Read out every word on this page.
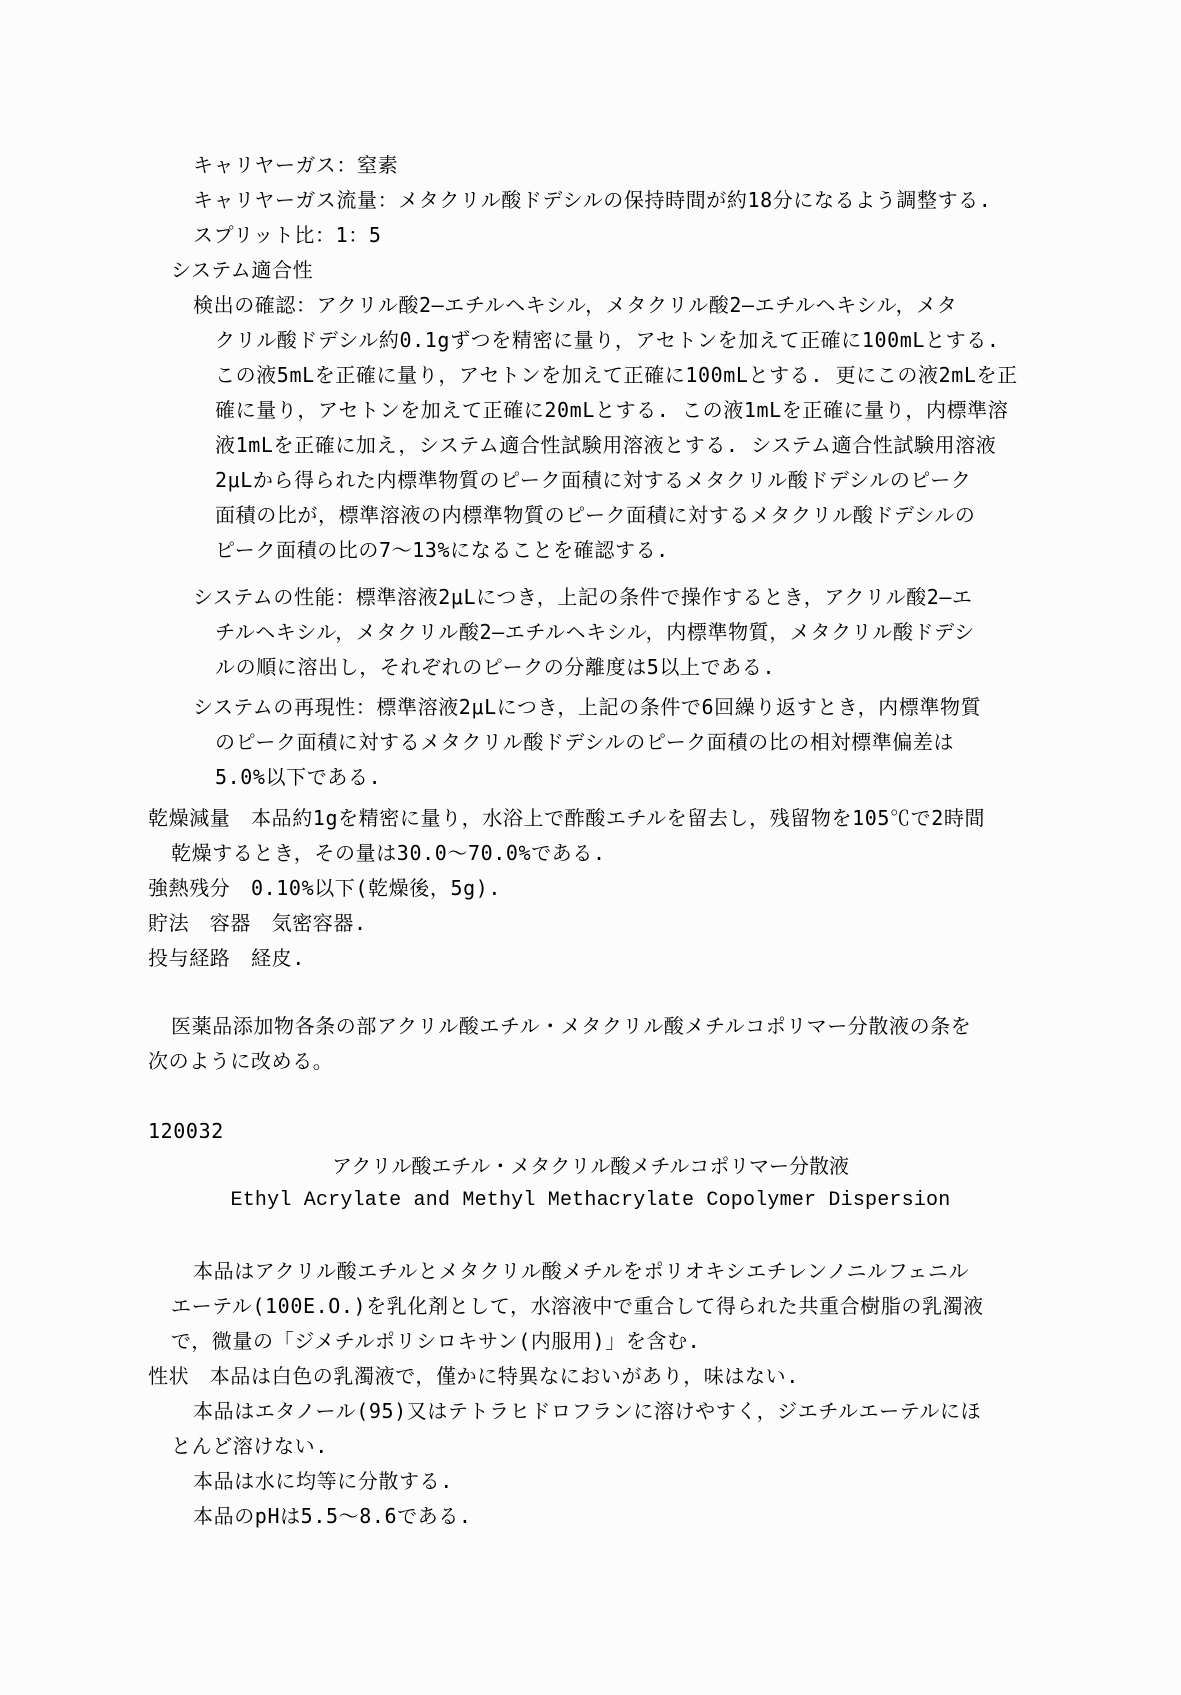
キャリヤーガス：窒素
キャリヤーガス流量：メタクリル酸ドデシルの保持時間が約18分になるよう調整する.
スプリット比：1：5
システム適合性
検出の確認：アクリル酸2―エチルヘキシル，メタクリル酸2―エチルヘキシル，メタ
クリル酸ドデシル約0.1gずつを精密に量り，アセトンを加えて正確に100mLとする.
この液5mLを正確に量り，アセトンを加えて正確に100mLとする. 更にこの液2mLを正
確に量り，アセトンを加えて正確に20mLとする. この液1mLを正確に量り，内標準溶
液1mLを正確に加え，システム適合性試験用溶液とする. システム適合性試験用溶液
2μLから得られた内標準物質のピーク面積に対するメタクリル酸ドデシルのピーク
面積の比が，標準溶液の内標準物質のピーク面積に対するメタクリル酸ドデシルの
ピーク面積の比の7～13%になることを確認する.
システムの性能：標準溶液2μLにつき，上記の条件で操作するとき，アクリル酸2―エ
チルヘキシル，メタクリル酸2―エチルヘキシル，内標準物質，メタクリル酸ドデシ
ルの順に溶出し，それぞれのピークの分離度は5以上である.
システムの再現性：標準溶液2μLにつき，上記の条件で6回繰り返すとき，内標準物質
のピーク面積に対するメタクリル酸ドデシルのピーク面積の比の相対標準偏差は
5.0%以下である.
乾燥減量　本品約1gを精密に量り，水浴上で酢酸エチルを留去し，残留物を105℃で2時間
乾燥するとき，その量は30.0～70.0%である.
強熱残分　0.10%以下(乾燥後，5g).
貯法　容器　気密容器.
投与経路　経皮.
医薬品添加物各条の部アクリル酸エチル・メタクリル酸メチルコポリマー分散液の条を
次のように改める。
120032
アクリル酸エチル・メタクリル酸メチルコポリマー分散液
Ethyl Acrylate and Methyl Methacrylate Copolymer Dispersion
本品はアクリル酸エチルとメタクリル酸メチルをポリオキシエチレンノニルフェニル
エーテル(100E.O.)を乳化剤として，水溶液中で重合して得られた共重合樹脂の乳濁液
で，微量の「ジメチルポリシロキサン(内服用)」を含む.
性状　本品は白色の乳濁液で，僅かに特異なにおいがあり，味はない.
本品はエタノール(95)又はテトラヒドロフランに溶けやすく，ジエチルエーテルにほ
とんど溶けない.
本品は水に均等に分散する.
本品のpHは5.5～8.6である.
